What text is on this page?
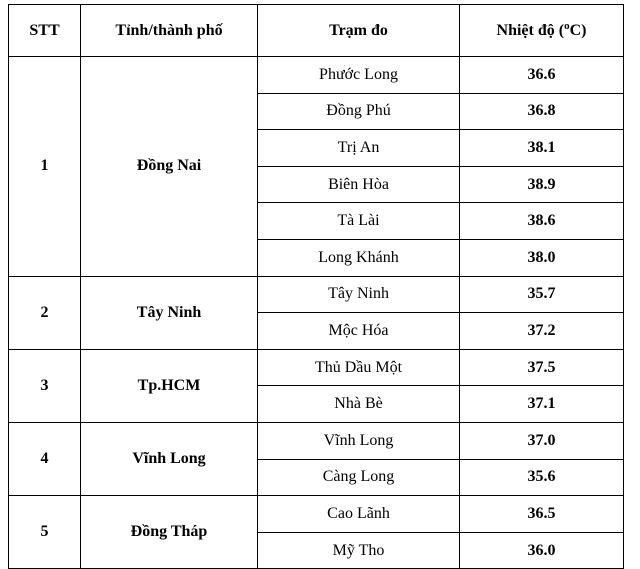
STT	Tỉnh/thành phố	Trạm đo	Nhiệt độ ($^o$C)
1	Đồng Nai	Phước Long	36.6
		Đồng Phú	36.8
		Trị An	38.1
		Biên Hòa	38.9
		Tà Lài	38.6
		Long Khánh	38.0
2	Tây Ninh	Tây Ninh	35.7
		Mộc Hóa	37.2
3	Tp.HCM	Thủ Dầu Một	37.5
		Nhà Bè	37.1
4	Vĩnh Long	Vĩnh Long	37.0
		Càng Long	35.6
5	Đồng Tháp	Cao Lãnh	36.5
		Mỹ Tho	36.0
